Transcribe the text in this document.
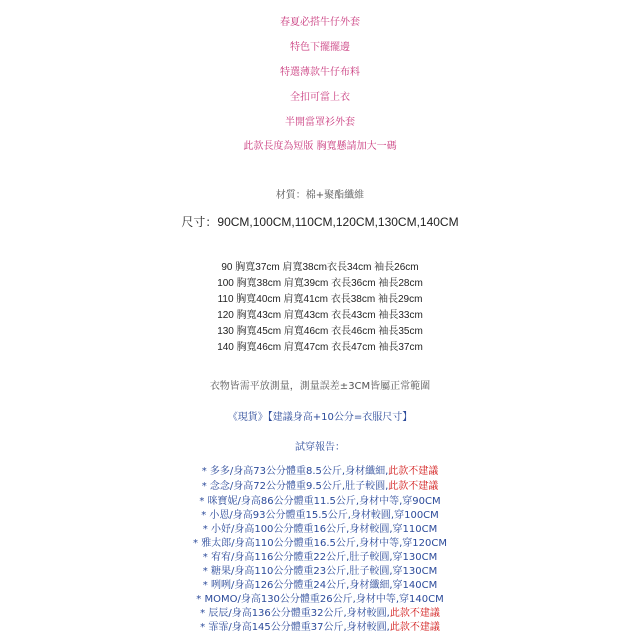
春夏必搭牛仔外套
特色下擺擺邊
特選薄款牛仔布料
全扣可當上衣
半開當罩衫外套
此款長度為短版 胸寬懸請加大一碼
材質：棉+聚酯纖維
尺寸：90CM,100CM,110CM,120CM,130CM,140CM
90 胸寬37cm 肩寬38cm衣長34cm 袖長26cm
100 胸寬38cm 肩寬39cm 衣長36cm 袖長28cm
110 胸寬40cm 肩寬41cm 衣長38cm 袖長29cm
120 胸寬43cm 肩寬43cm 衣長43cm 袖長33cm
130 胸寬45cm 肩寬46cm 衣長46cm 袖長35cm
140 胸寬46cm 肩寬47cm 衣長47cm 袖長37cm
衣物皆需平放測量，測量誤差±3CM皆屬正常範圍
《現貨》【建議身高+10公分=衣服尺寸】
試穿報告：
* 多多/身高73公分體重8.5公斤,身材纖細,此款不建議
* 念念/身高72公分體重9.5公斤,肚子較圓,此款不建議
* 咪寶妮/身高86公分體重11.5公斤,身材中等,穿90CM
* 小恩/身高93公分體重15.5公斤,身材較圓,穿100CM
* 小妤/身高100公分體重16公斤,身材較圓,穿110CM
* 雅太郎/身高110公分體重16.5公斤,身材中等,穿120CM
* 宥宥/身高116公分體重22公斤,肚子較圓,穿130CM
* 糖果/身高110公分體重23公斤,肚子較圓,穿130CM
* 咧咧/身高126公分體重24公斤,身材纖細,穿140CM
* MOMO/身高130公分體重26公斤,身材中等,穿140CM
* 辰辰/身高136公分體重32公斤,身材較圓,此款不建議
* 霏霏/身高145公分體重37公斤,身材較圓,此款不建議
